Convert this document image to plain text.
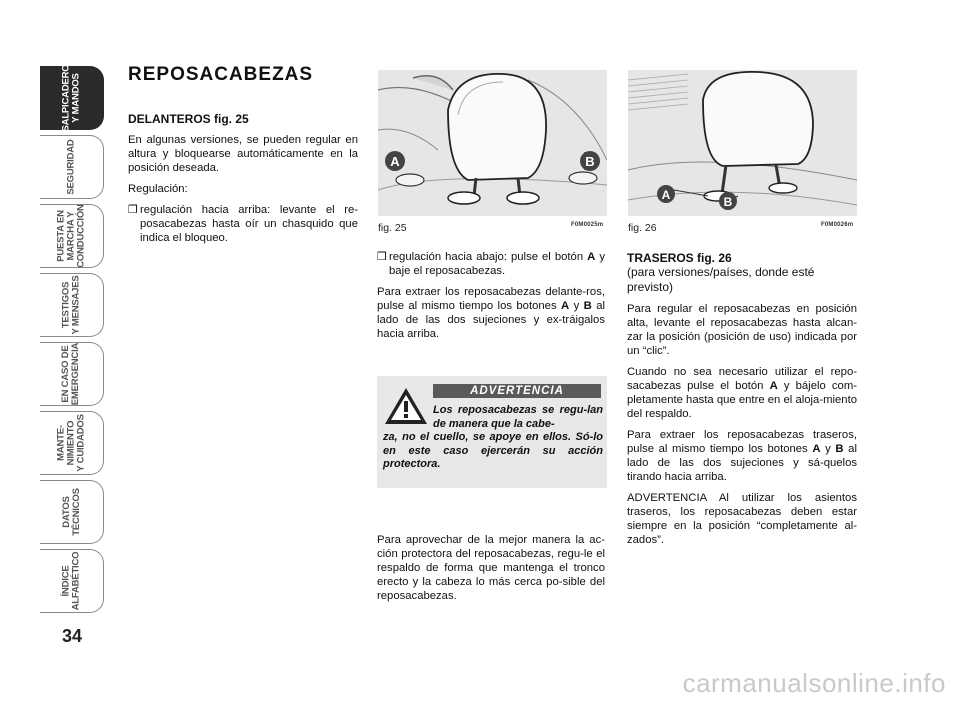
SALPICADERO
Y MANDOS
SEGURIDAD
PUESTA EN
MARCHA Y
CONDUCCIÓN
TESTIGOS
Y MENSAJES
EN CASO DE
EMERGENCIA
MANTE-
NIMIENTO
Y CUIDADOS
DATOS
TÉCNICOS
ÍNDICE
ALFABÉTICO
34
REPOSACABEZAS
DELANTEROS fig. 25

En algunas versiones, se pueden regular en altura y bloquearse automáticamente en la posición deseada.

Regulación:

❒ regulación hacia arriba: levante el re-posacabezas hasta oír un chasquido que indica el bloqueo.
A	B
fig. 25	F0M0025m
A	B
fig. 26	F0M0026m
❒ regulación hacia abajo: pulse el botón A y baje el reposacabezas.

Para extraer los reposacabezas delante-ros, pulse al mismo tiempo los botones A y B al lado de las dos sujeciones y ex-tráigalos hacia arriba.

ADVERTENCIA
Los reposacabezas se regu-lan de manera que la cabe-
za, no el cuello, se apoye en ellos. Só-lo en este caso ejercerán su acción protectora.

Para aprovechar de la mejor manera la ac-ción protectora del reposacabezas, regu-le el respaldo de forma que mantenga el tronco erecto y la cabeza lo más cerca po-sible del reposacabezas.

TRASEROS fig. 26
(para versiones/países, donde esté previsto)

Para regular el reposacabezas en posición alta, levante el reposacabezas hasta alcan-zar la posición (posición de uso) indicada por un “clic”.

Cuando no sea necesario utilizar el repo-sacabezas pulse el botón A y bájelo com-pletamente hasta que entre en el aloja-miento del respaldo.

Para extraer los reposacabezas traseros, pulse al mismo tiempo los botones A y B al lado de las dos sujeciones y sá-quelos tirando hacia arriba.

ADVERTENCIA Al utilizar los asientos traseros, los reposacabezas deben estar siempre en la posición “completamente al-zados”.

carmanualsonline.info
